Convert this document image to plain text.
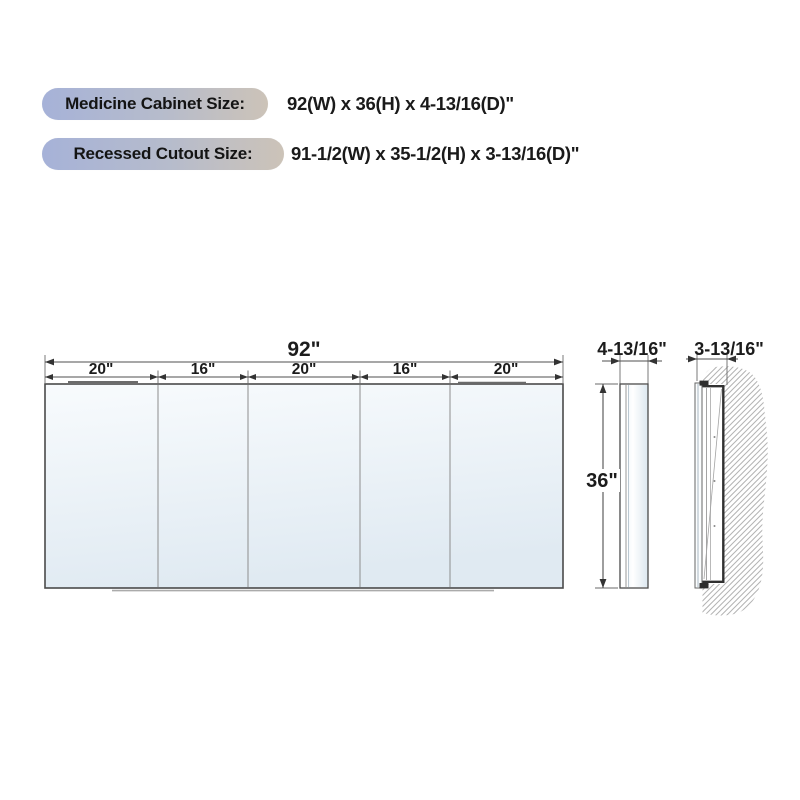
Medicine Cabinet Size: 92(W) x 36(H) x 4-13/16(D)"
Recessed Cutout Size: 91-1/2(W) x 35-1/2(H) x 3-13/16(D)"
92"
20"	16"	20"	16"	20"
4-13/16"
36"
3-13/16"
